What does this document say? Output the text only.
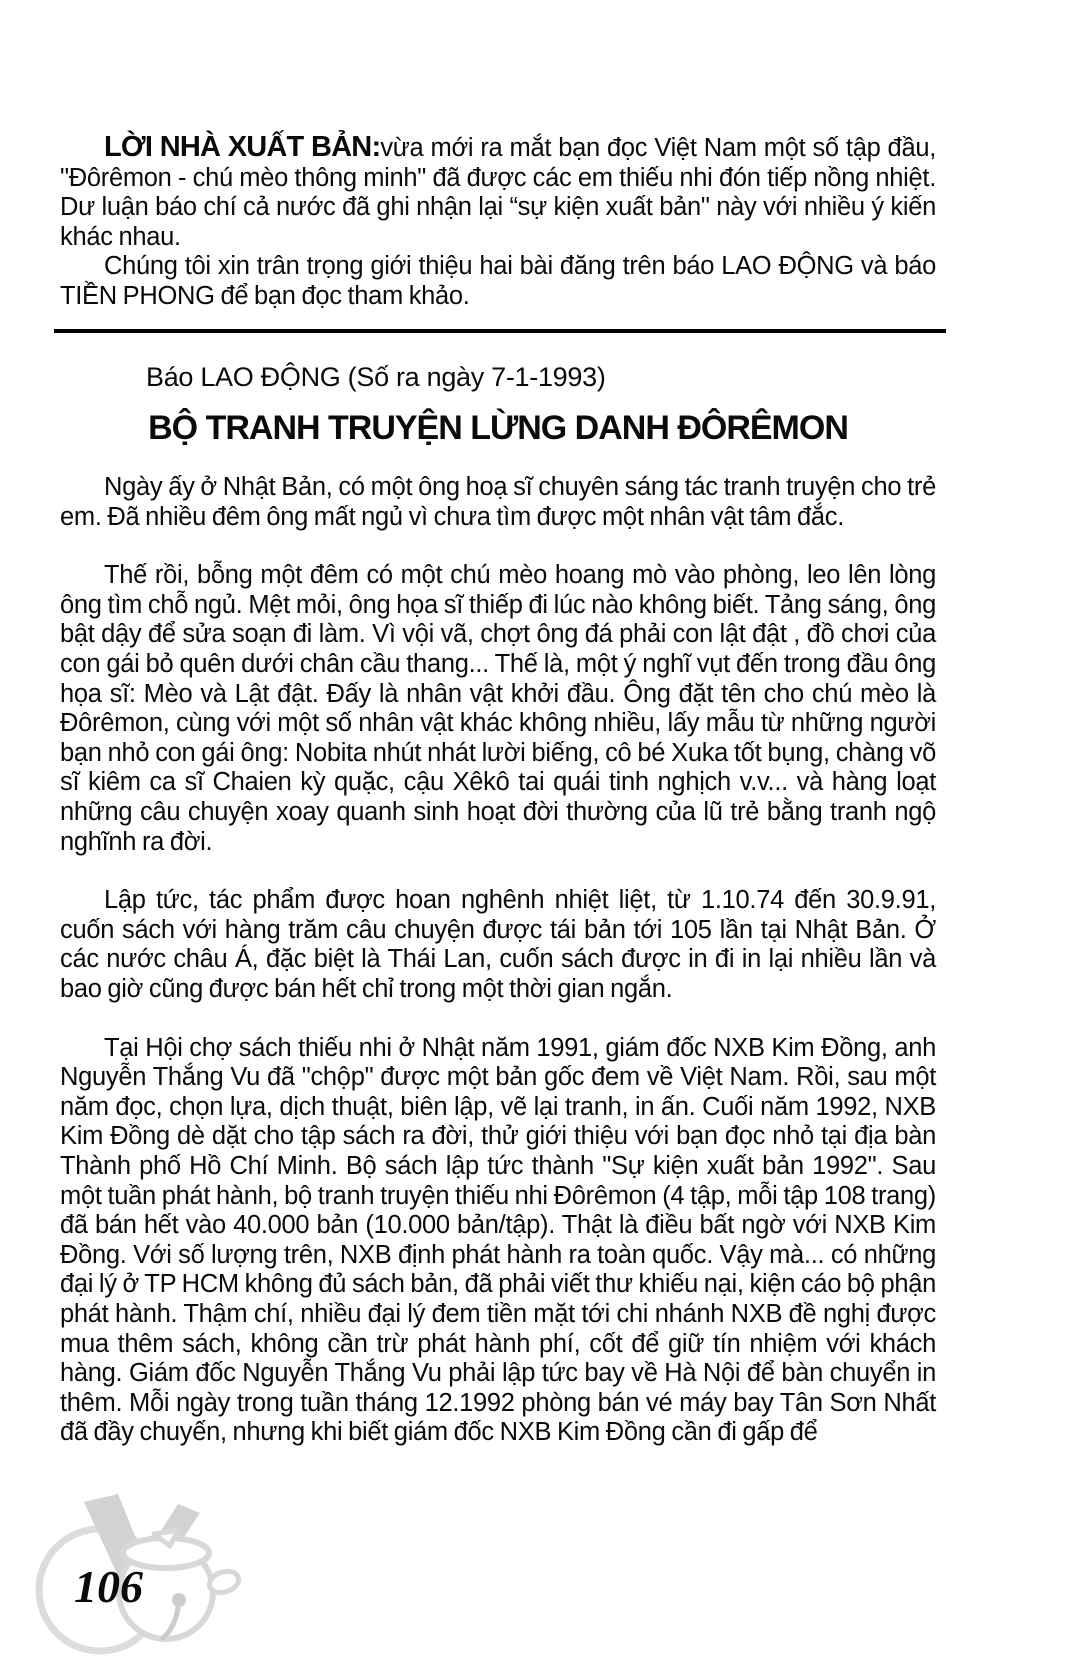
LỜI NHÀ XUẤT BẢN:vừa mới ra mắt bạn đọc Việt Nam một số tập đầu, "Đôrêmon - chú mèo thông minh" đã được các em thiếu nhi đón tiếp nồng nhiệt. Dư luận báo chí cả nước đã ghi nhận lại “sự kiện xuất bản" này với nhiều ý kiến khác nhau.

Chúng tôi xin trân trọng giới thiệu hai bài đăng trên báo LAO ĐỘNG và báo TIỀN PHONG để bạn đọc tham khảo.

Báo LAO ĐỘNG (Số ra ngày 7-1-1993)

BỘ TRANH TRUYỆN LỪNG DANH ĐÔRÊMON

Ngày ấy ở Nhật Bản, có một ông hoạ sĩ chuyên sáng tác tranh truyện cho trẻ em. Đã nhiều đêm ông mất ngủ vì chưa tìm được một nhân vật tâm đắc.

Thế rồi, bỗng một đêm có một chú mèo hoang mò vào phòng, leo lên lòng ông tìm chỗ ngủ. Mệt mỏi, ông họa sĩ thiếp đi lúc nào không biết. Tảng sáng, ông bật dậy để sửa soạn đi làm. Vì vội vã, chợt ông đá phải con lật đật , đồ chơi của con gái bỏ quên dưới chân cầu thang... Thế là, một ý nghĩ vụt đến trong đầu ông họa sĩ: Mèo và Lật đật. Đấy là nhân vật khởi đầu. Ông đặt tên cho chú mèo là Đôrêmon, cùng với một số nhân vật khác không nhiều, lấy mẫu từ những người bạn nhỏ con gái ông: Nobita nhút nhát lười biếng, cô bé Xuka tốt bụng, chàng võ sĩ kiêm ca sĩ Chaien kỳ quặc, cậu Xêkô tai quái tinh nghịch v.v... và hàng loạt những câu chuyện xoay quanh sinh hoạt đời thường của lũ trẻ bằng tranh ngộ nghĩnh ra đời.

Lập tức, tác phẩm được hoan nghênh nhiệt liệt, từ 1.10.74 đến 30.9.91, cuốn sách với hàng trăm câu chuyện được tái bản tới 105 lần tại Nhật Bản. Ở các nước châu Á, đặc biệt là Thái Lan, cuốn sách được in đi in lại nhiều lần và bao giờ cũng được bán hết chỉ trong một thời gian ngắn.

Tại Hội chợ sách thiếu nhi ở Nhật năm 1991, giám đốc NXB Kim Đồng, anh Nguyễn Thắng Vu đã "chộp" được một bản gốc đem về Việt Nam. Rồi, sau một năm đọc, chọn lựa, dịch thuật, biên lập, vẽ lại tranh, in ấn. Cuối năm 1992, NXB Kim Đồng dè dặt cho tập sách ra đời, thử giới thiệu với bạn đọc nhỏ tại địa bàn Thành phố Hồ Chí Minh. Bộ sách lập tức thành "Sự kiện xuất bản 1992". Sau một tuần phát hành, bộ tranh truyện thiếu nhi Đôrêmon (4 tập, mỗi tập 108 trang) đã bán hết vào 40.000 bản (10.000 bản/tập). Thật là điều bất ngờ với NXB Kim Đồng. Với số lượng trên, NXB định phát hành ra toàn quốc. Vậy mà... có những đại lý ở TP HCM không đủ sách bản, đã phải viết thư khiếu nại, kiện cáo bộ phận phát hành. Thậm chí, nhiều đại lý đem tiền mặt tới chi nhánh NXB đề nghị được mua thêm sách, không cần trừ phát hành phí, cốt để giữ tín nhiệm với khách hàng. Giám đốc Nguyễn Thắng Vu phải lập tức bay về Hà Nội để bàn chuyển in thêm. Mỗi ngày trong tuần tháng 12.1992 phòng bán vé máy bay Tân Sơn Nhất đã đầy chuyến, nhưng khi biết giám đốc NXB Kim Đồng cần đi gấp để

106
